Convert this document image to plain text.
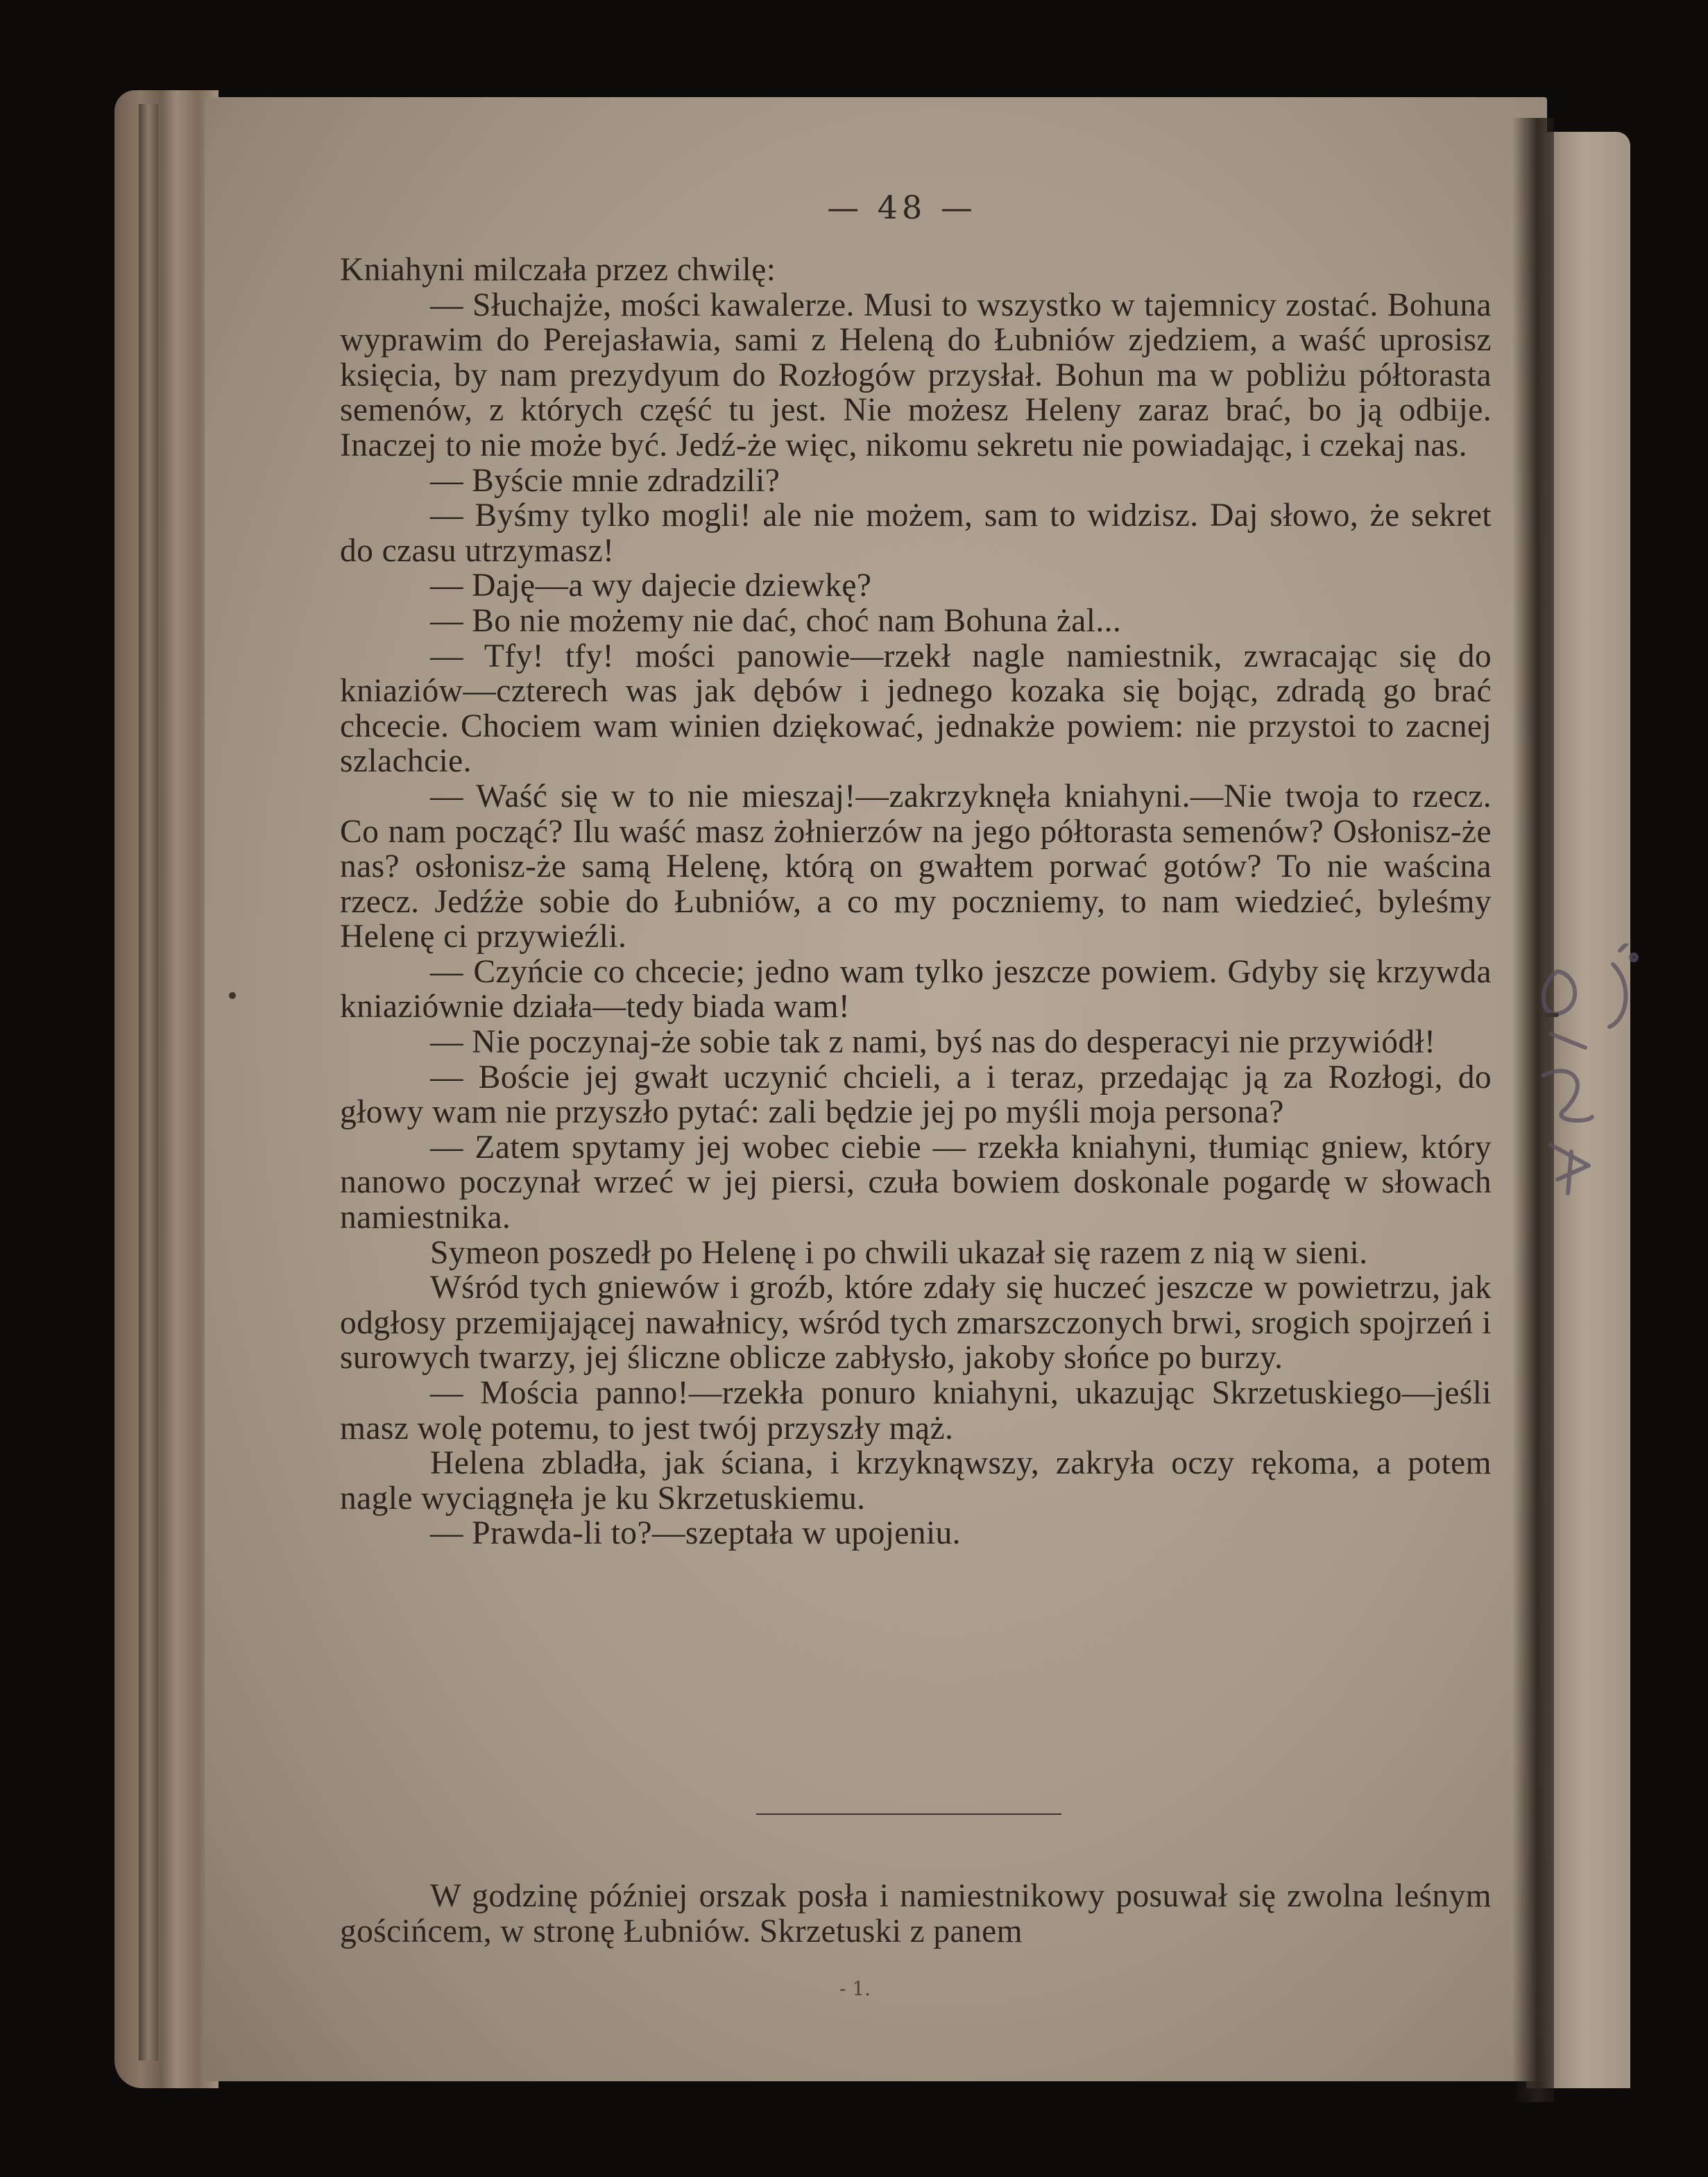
— 48 —

Kniahyni milczała przez chwilę:

— Słuchajże, mości kawalerze. Musi to wszystko w tajemnicy zostać. Bohuna wyprawim do Perejasławia, sami z Heleną do Łubniów zjedziem, a waść uprosisz księcia, by nam prezydyum do Rozłogów przysłał. Bohun ma w pobliżu półtorasta semenów, z których część tu jest. Nie możesz Heleny zaraz brać, bo ją odbije. Inaczej to nie może być. Jedź-że więc, nikomu sekretu nie powiadając, i czekaj nas.

— Byście mnie zdradzili?

— Byśmy tylko mogli! ale nie możem, sam to widzisz. Daj słowo, że sekret do czasu utrzymasz!

— Daję—a wy dajecie dziewkę?

— Bo nie możemy nie dać, choć nam Bohuna żal...

— Tfy! tfy! mości panowie—rzekł nagle namiestnik, zwracając się do kniaziów—czterech was jak dębów i jednego kozaka się bojąc, zdradą go brać chcecie. Chociem wam winien dziękować, jednakże powiem: nie przystoi to zacnej szlachcie.

— Waść się w to nie mieszaj!—zakrzyknęła kniahyni.—Nie twoja to rzecz. Co nam począć? Ilu waść masz żołnierzów na jego półtorasta semenów? Osłonisz-że nas? osłonisz-że samą Helenę, którą on gwałtem porwać gotów? To nie waścina rzecz. Jedźże sobie do Łubniów, a co my poczniemy, to nam wiedzieć, byleśmy Helenę ci przywieźli.

— Czyńcie co chcecie; jedno wam tylko jeszcze powiem. Gdyby się krzywda kniaziównie działa—tedy biada wam!

— Nie poczynaj-że sobie tak z nami, byś nas do desperacyi nie przywiódł!

— Boście jej gwałt uczynić chcieli, a i teraz, przedając ją za Rozłogi, do głowy wam nie przyszło pytać: zali będzie jej po myśli moja persona?

— Zatem spytamy jej wobec ciebie — rzekła kniahyni, tłumiąc gniew, który nanowo poczynał wrzeć w jej piersi, czuła bowiem doskonale pogardę w słowach namiestnika.

Symeon poszedł po Helenę i po chwili ukazał się razem z nią w sieni.

Wśród tych gniewów i groźb, które zdały się huczeć jeszcze w powietrzu, jak odgłosy przemijającej nawałnicy, wśród tych zmarszczonych brwi, srogich spojrzeń i surowych twarzy, jej śliczne oblicze zabłysło, jakoby słońce po burzy.

— Mościa panno!—rzekła ponuro kniahyni, ukazując Skrzetuskiego—jeśli masz wolę potemu, to jest twój przyszły mąż.

Helena zbladła, jak ściana, i krzyknąwszy, zakryła oczy rękoma, a potem nagle wyciągnęła je ku Skrzetuskiemu.

— Prawda-li to?—szeptała w upojeniu.

W godzinę później orszak posła i namiestnikowy posuwał się zwolna leśnym gościńcem, w stronę Łubniów. Skrzetuski z panem

- 1.
